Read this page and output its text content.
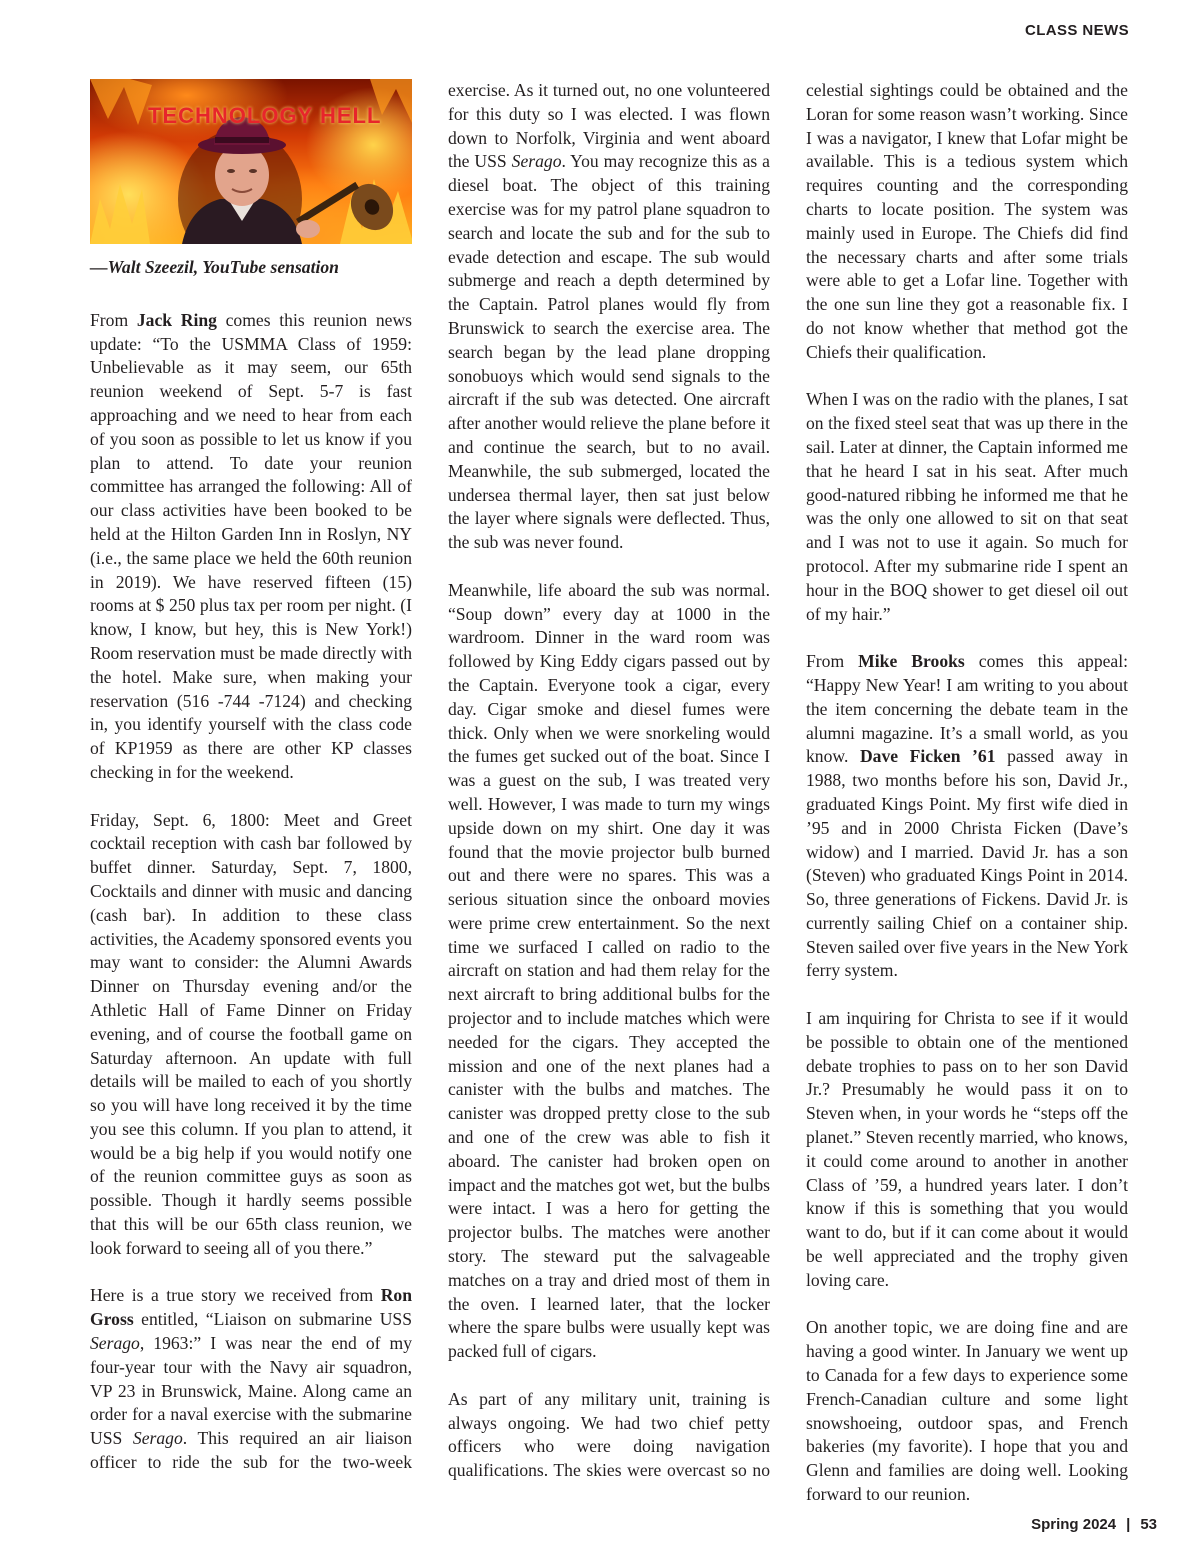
CLASS NEWS
TECHNOLOGY HELL

—Walt Szeezil, YouTube sensation

From Jack Ring comes this reunion news update: “To the USMMA Class of 1959: Unbelievable as it may seem, our 65th reunion weekend of Sept. 5-7 is fast approaching and we need to hear from each of you soon as possible to let us know if you plan to attend. To date your reunion committee has arranged the following: All of our class activities have been booked to be held at the Hilton Garden Inn in Roslyn, NY (i.e., the same place we held the 60th reunion in 2019). We have reserved fifteen (15) rooms at $ 250 plus tax per room per night. (I know, I know, but hey, this is New York!) Room reservation must be made directly with the hotel. Make sure, when making your reservation (516 -744 -7124) and checking in, you identify yourself with the class code of KP1959 as there are other KP classes checking in for the weekend.

Friday, Sept. 6, 1800: Meet and Greet cocktail reception with cash bar followed by buffet dinner. Saturday, Sept. 7, 1800, Cocktails and dinner with music and dancing (cash bar). In addition to these class activities, the Academy sponsored events you may want to consider: the Alumni Awards Dinner on Thursday evening and/or the Athletic Hall of Fame Dinner on Friday evening, and of course the football game on Saturday afternoon. An update with full details will be mailed to each of you shortly so you will have long received it by the time you see this column. If you plan to attend, it would be a big help if you would notify one of the reunion committee guys as soon as possible. Though it hardly seems possible that this will be our 65th class reunion, we look forward to seeing all of you there.”

Here is a true story we received from Ron Gross entitled, “Liaison on submarine USS Serago, 1963:” I was near the end of my four-year tour with the Navy air squadron, VP 23 in Brunswick, Maine. Along came an order for a naval exercise with the submarine USS Serago. This required an air liaison officer to ride the sub for the two-week

exercise. As it turned out, no one volunteered for this duty so I was elected. I was flown down to Norfolk, Virginia and went aboard the USS Serago. You may recognize this as a diesel boat. The object of this training exercise was for my patrol plane squadron to search and locate the sub and for the sub to evade detection and escape. The sub would submerge and reach a depth determined by the Captain. Patrol planes would fly from Brunswick to search the exercise area. The search began by the lead plane dropping sonobuoys which would send signals to the aircraft if the sub was detected. One aircraft after another would relieve the plane before it and continue the search, but to no avail. Meanwhile, the sub submerged, located the undersea thermal layer, then sat just below the layer where signals were deflected. Thus, the sub was never found.

Meanwhile, life aboard the sub was normal. “Soup down” every day at 1000 in the wardroom. Dinner in the ward room was followed by King Eddy cigars passed out by the Captain. Everyone took a cigar, every day. Cigar smoke and diesel fumes were thick. Only when we were snorkeling would the fumes get sucked out of the boat. Since I was a guest on the sub, I was treated very well. However, I was made to turn my wings upside down on my shirt. One day it was found that the movie projector bulb burned out and there were no spares. This was a serious situation since the onboard movies were prime crew entertainment. So the next time we surfaced I called on radio to the aircraft on station and had them relay for the next aircraft to bring additional bulbs for the projector and to include matches which were needed for the cigars. They accepted the mission and one of the next planes had a canister with the bulbs and matches. The canister was dropped pretty close to the sub and one of the crew was able to fish it aboard. The canister had broken open on impact and the matches got wet, but the bulbs were intact. I was a hero for getting the projector bulbs. The matches were another story. The steward put the salvageable matches on a tray and dried most of them in the oven. I learned later, that the locker where the spare bulbs were usually kept was packed full of cigars.

As part of any military unit, training is always ongoing. We had two chief petty officers who were doing navigation qualifications. The skies were overcast so no

celestial sightings could be obtained and the Loran for some reason wasn’t working. Since I was a navigator, I knew that Lofar might be available. This is a tedious system which requires counting and the corresponding charts to locate position. The system was mainly used in Europe. The Chiefs did find the necessary charts and after some trials were able to get a Lofar line. Together with the one sun line they got a reasonable fix. I do not know whether that method got the Chiefs their qualification.

When I was on the radio with the planes, I sat on the fixed steel seat that was up there in the sail. Later at dinner, the Captain informed me that he heard I sat in his seat. After much good-natured ribbing he informed me that he was the only one allowed to sit on that seat and I was not to use it again. So much for protocol. After my submarine ride I spent an hour in the BOQ shower to get diesel oil out of my hair.”

From Mike Brooks comes this appeal: “Happy New Year! I am writing to you about the item concerning the debate team in the alumni magazine. It’s a small world, as you know. Dave Ficken ’61 passed away in 1988, two months before his son, David Jr., graduated Kings Point. My first wife died in ’95 and in 2000 Christa Ficken (Dave’s widow) and I married. David Jr. has a son (Steven) who graduated Kings Point in 2014. So, three generations of Fickens. David Jr. is currently sailing Chief on a container ship. Steven sailed over five years in the New York ferry system.

I am inquiring for Christa to see if it would be possible to obtain one of the mentioned debate trophies to pass on to her son David Jr.? Presumably he would pass it on to Steven when, in your words he “steps off the planet.” Steven recently married, who knows, it could come around to another in another Class of ’59, a hundred years later. I don’t know if this is something that you would want to do, but if it can come about it would be well appreciated and the trophy given loving care.

On another topic, we are doing fine and are having a good winter. In January we went up to Canada for a few days to experience some French-Canadian culture and some light snowshoeing, outdoor spas, and French bakeries (my favorite). I hope that you and Glenn and families are doing well. Looking forward to our reunion.

Spring 2024 | 53
